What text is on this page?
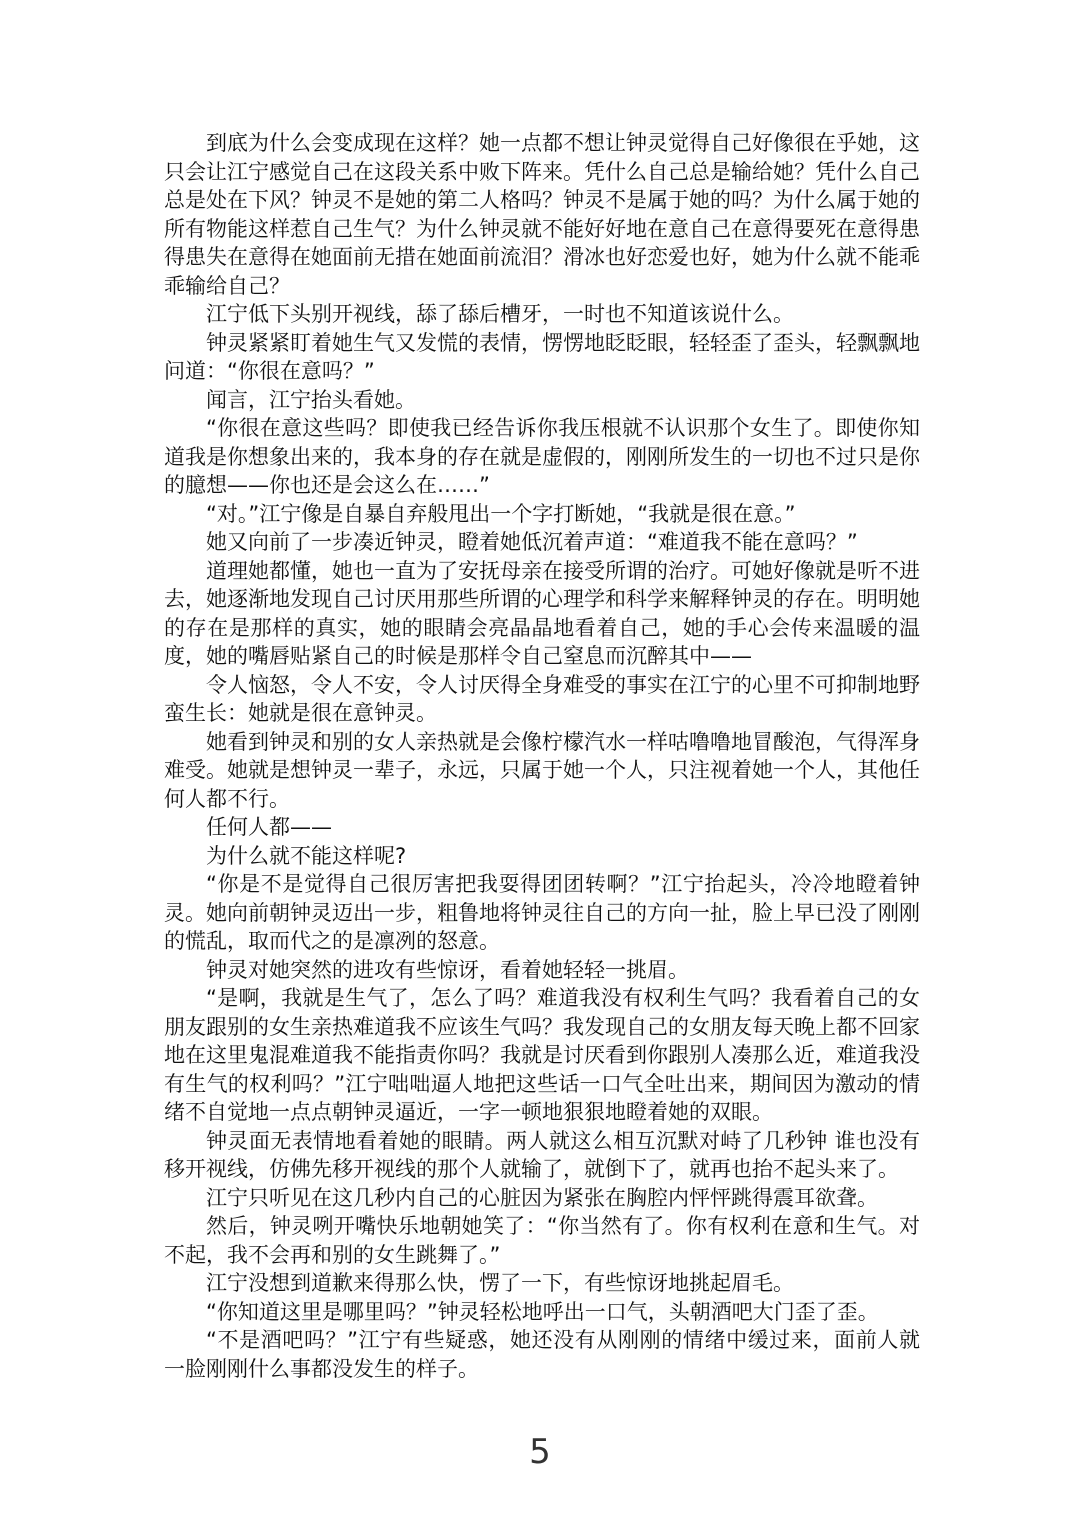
到底为什么会变成现在这样？她一点都不想让钟灵觉得自己好像很在乎她，这只会让江宁感觉自己在这段关系中败下阵来。凭什么自己总是输给她？凭什么自己总是处在下风？钟灵不是她的第二人格吗？钟灵不是属于她的吗？为什么属于她的所有物能这样惹自己生气？为什么钟灵就不能好好地在意自己在意得要死在意得患得患失在意得在她面前无措在她面前流泪？滑冰也好恋爱也好，她为什么就不能乖乖输给自己？

江宁低下头别开视线，舔了舔后槽牙，一时也不知道该说什么。

钟灵紧紧盯着她生气又发慌的表情，愣愣地眨眨眼，轻轻歪了歪头，轻飘飘地问道：“你很在意吗？”

闻言，江宁抬头看她。

“你很在意这些吗？即使我已经告诉你我压根就不认识那个女生了。即使你知道我是你想象出来的，我本身的存在就是虚假的，刚刚所发生的一切也不过只是你的臆想——你也还是会这么在……”

“对。”江宁像是自暴自弃般甩出一个字打断她，“我就是很在意。”

她又向前了一步凑近钟灵，瞪着她低沉着声道：“难道我不能在意吗？”

道理她都懂，她也一直为了安抚母亲在接受所谓的治疗。可她好像就是听不进去，她逐渐地发现自己讨厌用那些所谓的心理学和科学来解释钟灵的存在。明明她的存在是那样的真实，她的眼睛会亮晶晶地看着自己，她的手心会传来温暖的温度，她的嘴唇贴紧自己的时候是那样令自己窒息而沉醉其中——

令人恼怒，令人不安，令人讨厌得全身难受的事实在江宁的心里不可抑制地野蛮生长：她就是很在意钟灵。

她看到钟灵和别的女人亲热就是会像柠檬汽水一样咕噜噜地冒酸泡，气得浑身难受。她就是想钟灵一辈子，永远，只属于她一个人，只注视着她一个人，其他任何人都不行。

任何人都——

为什么就不能这样呢?

“你是不是觉得自己很厉害把我耍得团团转啊？”江宁抬起头，冷冷地瞪着钟灵。她向前朝钟灵迈出一步，粗鲁地将钟灵往自己的方向一扯，脸上早已没了刚刚的慌乱，取而代之的是凛冽的怒意。

钟灵对她突然的进攻有些惊讶，看着她轻轻一挑眉。

“是啊，我就是生气了，怎么了吗？难道我没有权利生气吗？我看着自己的女朋友跟别的女生亲热难道我不应该生气吗？我发现自己的女朋友每天晚上都不回家地在这里鬼混难道我不能指责你吗？我就是讨厌看到你跟别人凑那么近，难道我没有生气的权利吗？”江宁咄咄逼人地把这些话一口气全吐出来，期间因为激动的情绪不自觉地一点点朝钟灵逼近，一字一顿地狠狠地瞪着她的双眼。

钟灵面无表情地看着她的眼睛。两人就这么相互沉默对峙了几秒钟 谁也没有移开视线，仿佛先移开视线的那个人就输了，就倒下了，就再也抬不起头来了。

江宁只听见在这几秒内自己的心脏因为紧张在胸腔内怦怦跳得震耳欲聋。

然后，钟灵咧开嘴快乐地朝她笑了：“你当然有了。你有权利在意和生气。对不起，我不会再和别的女生跳舞了。”

江宁没想到道歉来得那么快，愣了一下，有些惊讶地挑起眉毛。

“你知道这里是哪里吗？”钟灵轻松地呼出一口气，头朝酒吧大门歪了歪。

“不是酒吧吗？”江宁有些疑惑，她还没有从刚刚的情绪中缓过来，面前人就一脸刚刚什么事都没发生的样子。

5
